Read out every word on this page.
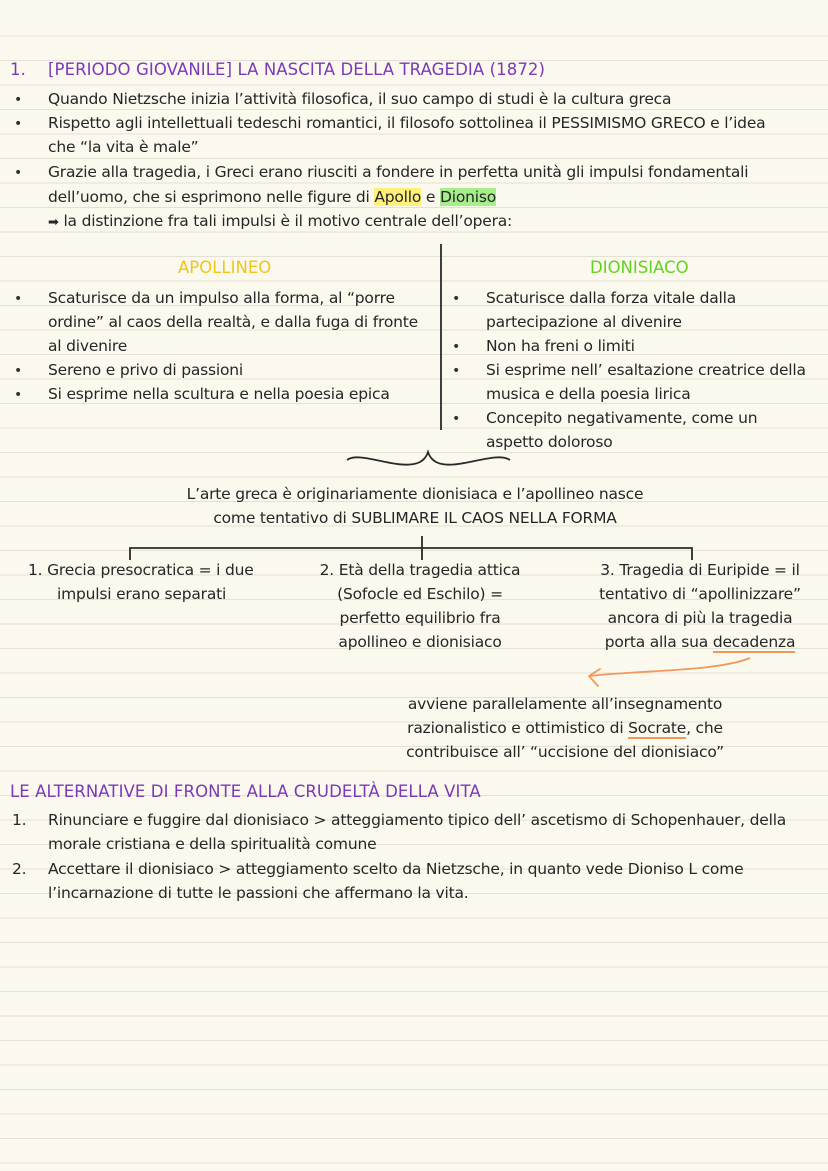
1. [PERIODO GIOVANILE] LA NASCITA DELLA TRAGEDIA (1872)
• Quando Nietzsche inizia l’attività filosofica, il suo campo di studi è la cultura greca
• Rispetto agli intellettuali tedeschi romantici, il filosofo sottolinea il PESSIMISMO GRECO e l’idea
che “la vita è male”
• Grazie alla tragedia, i Greci erano riusciti a fondere in perfetta unità gli impulsi fondamentali
dell’uomo, che si esprimono nelle figure di Apollo e Dioniso
➡ la distinzione fra tali impulsi è il motivo centrale dell’opera:
APOLLINEO	DIONISIACO
• Scaturisce da un impulso alla forma, al “porre
ordine” al caos della realtà, e dalla fuga di fronte
al divenire
• Sereno e privo di passioni
• Si esprime nella scultura e nella poesia epica
• Scaturisce dalla forza vitale dalla
partecipazione al divenire
• Non ha freni o limiti
• Si esprime nell’ esaltazione creatrice della
musica e della poesia lirica
• Concepito negativamente, come un
aspetto doloroso
L’arte greca è originariamente dionisiaca e l’apollineo nasce
come tentativo di SUBLIMARE IL CAOS NELLA FORMA
1. Grecia presocratica = i due
impulsi erano separati
2. Età della tragedia attica
(Sofocle ed Eschilo) =
perfetto equilibrio fra
apollineo e dionisiaco
3. Tragedia di Euripide = il
tentativo di “apollinizzare”
ancora di più la tragedia
porta alla sua decadenza
avviene parallelamente all’insegnamento
razionalistico e ottimistico di Socrate, che
contribuisce all’ “uccisione del dionisiaco”
LE ALTERNATIVE DI FRONTE ALLA CRUDELTÀ DELLA VITA
1. Rinunciare e fuggire dal dionisiaco > atteggiamento tipico dell’ ascetismo di Schopenhauer, della
morale cristiana e della spiritualità comune
2. Accettare il dionisiaco > atteggiamento scelto da Nietzsche, in quanto vede Dioniso L come
l’incarnazione di tutte le passioni che affermano la vita.
